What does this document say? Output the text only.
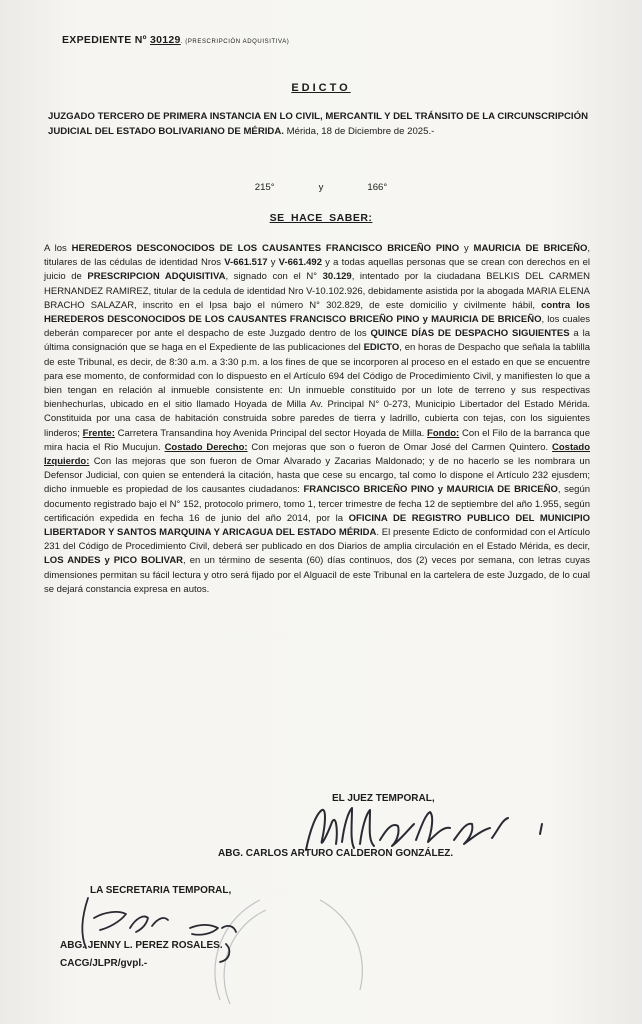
EXPEDIENTE Nº 30129. (PRESCRIPCIÓN ADQUISITIVA)
EDICTO
JUZGADO TERCERO DE PRIMERA INSTANCIA EN LO CIVIL, MERCANTIL Y DEL TRÁNSITO DE LA CIRCUNSCRIPCIÓN JUDICIAL DEL ESTADO BOLIVARIANO DE MÉRIDA. Mérida, 18 de Diciembre de 2025.-
215°	y	166°
SE HACE SABER:
A los HEREDEROS DESCONOCIDOS DE LOS CAUSANTES FRANCISCO BRICEÑO PINO y MAURICIA DE BRICEÑO, titulares de las cédulas de identidad Nros V-661.517 y V-661.492 y a todas aquellas personas que se crean con derechos en el juicio de PRESCRIPCION ADQUISITIVA, signado con el N° 30.129, intentado por la ciudadana BELKIS DEL CARMEN HERNANDEZ RAMIREZ, titular de la cedula de identidad Nro V-10.102.926, debidamente asistida por la abogada MARIA ELENA BRACHO SALAZAR, inscrito en el Ipsa bajo el número N° 302.829, de este domicilio y civilmente hábil, contra los HEREDEROS DESCONOCIDOS DE LOS CAUSANTES FRANCISCO BRICEÑO PINO y MAURICIA DE BRICEÑO, los cuales deberán comparecer por ante el despacho de este Juzgado dentro de los QUINCE DÍAS DE DESPACHO SIGUIENTES a la última consignación que se haga en el Expediente de las publicaciones del EDICTO, en horas de Despacho que señala la tablilla de este Tribunal, es decir, de 8:30 a.m. a 3:30 p.m. a los fines de que se incorporen al proceso en el estado en que se encuentre para ese momento, de conformidad con lo dispuesto en el Artículo 694 del Código de Procedimiento Civil, y manifiesten lo que a bien tengan en relación al inmueble consistente en: Un inmueble constituido por un lote de terreno y sus respectivas bienhechurlas, ubicado en el sitio llamado Hoyada de Milla Av. Principal N° 0-273, Municipio Libertador del Estado Mérida. Constituida por una casa de habitación construida sobre paredes de tierra y ladrillo, cubierta con tejas, con los siguientes linderos; Frente: Carretera Transandina hoy Avenida Principal del sector Hoyada de Milla. Fondo: Con el Filo de la barranca que mira hacia el Rio Mucujun. Costado Derecho: Con mejoras que son o fueron de Omar José del Carmen Quintero. Costado Izquierdo: Con las mejoras que son fueron de Omar Alvarado y Zacarias Maldonado; y de no hacerlo se les nombrara un Defensor Judicial, con quien se entenderá la citación, hasta que cese su encargo, tal como lo dispone el Artículo 232 ejusdem; dicho inmueble es propiedad de los causantes ciudadanos: FRANCISCO BRICEÑO PINO y MAURICIA DE BRICEÑO, según documento registrado bajo el N° 152, protocolo primero, tomo 1, tercer trimestre de fecha 12 de septiembre del año 1.955, según certificación expedida en fecha 16 de junio del año 2014, por la OFICINA DE REGISTRO PUBLICO DEL MUNICIPIO LIBERTADOR Y SANTOS MARQUINA Y ARICAGUA DEL ESTADO MÉRIDA. El presente Edicto de conformidad con el Artículo 231 del Código de Procedimiento Civil, deberá ser publicado en dos Diarios de amplia circulación en el Estado Mérida, es decir, LOS ANDES y PICO BOLIVAR, en un término de sesenta (60) días continuos, dos (2) veces por semana, con letras cuyas dimensiones permitan su fácil lectura y otro será fijado por el Alguacil de este Tribunal en la cartelera de este Juzgado, de lo cual se dejará constancia expresa en autos.
EL JUEZ TEMPORAL,
ABG. CARLOS ARTURO CALDERON GONZÁLEZ.
LA SECRETARIA TEMPORAL,
ABG. JENNY L. PEREZ ROSALES.
CACG/JLPR/gvpl.-
